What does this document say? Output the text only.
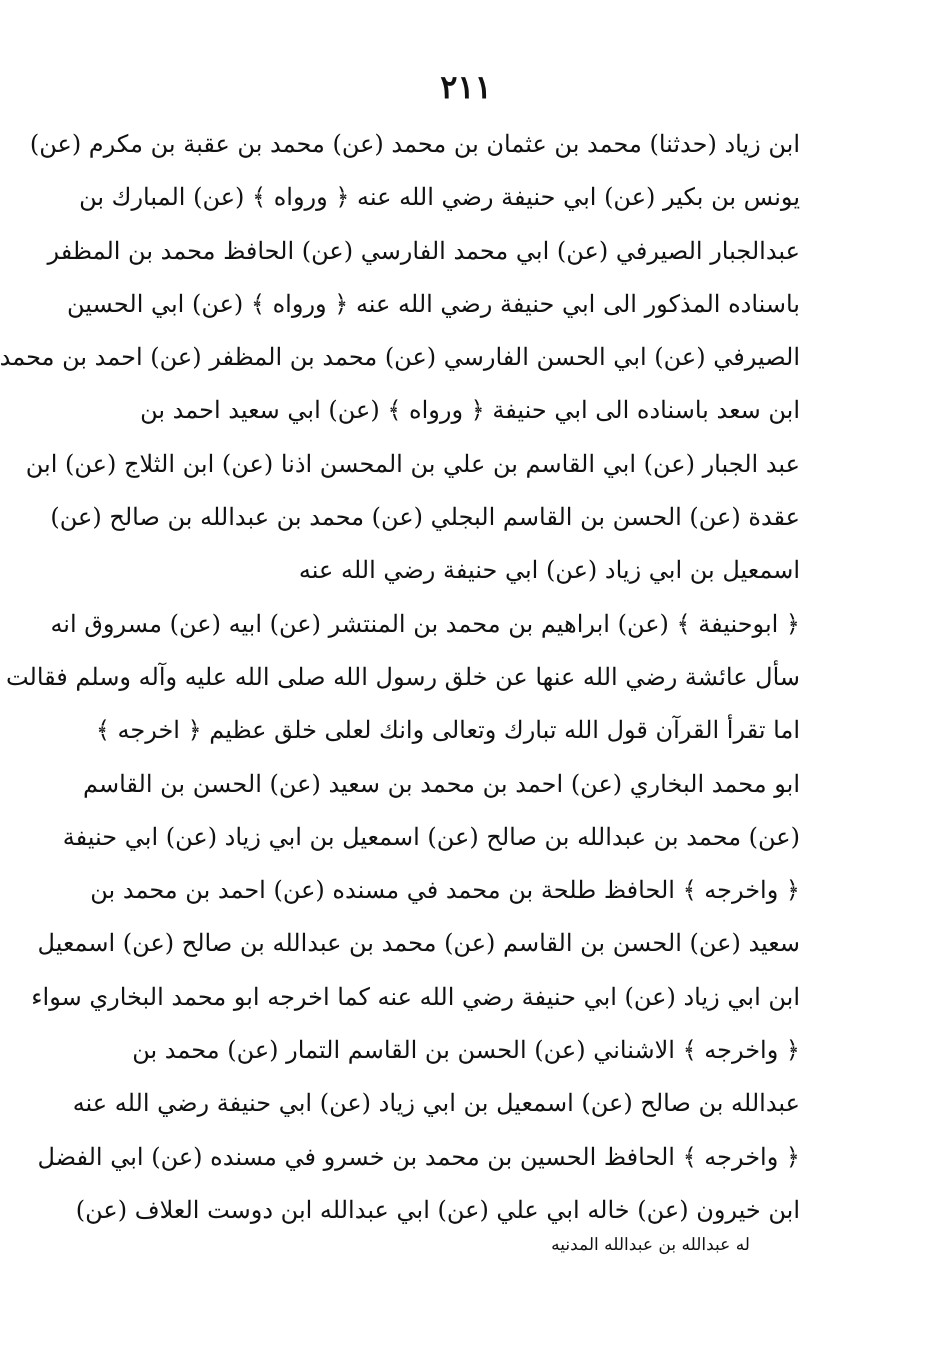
٢١١
ابن زياد (حدثنا) محمد بن عثمان بن محمد (عن) محمد بن عقبة بن مكرم (عن)
يونس بن بكير (عن) ابي حنيفة رضي الله عنه ﴿ ورواه ﴾ (عن) المبارك بن
عبدالجبار الصيرفي (عن) ابي محمد الفارسي (عن) الحافظ محمد بن المظفر
باسناده المذكور الى ابي حنيفة رضي الله عنه ﴿ ورواه ﴾ (عن) ابي الحسين
الصيرفي (عن) ابي الحسن الفارسي (عن) محمد بن المظفر (عن) احمد بن محمد
ابن سعد باسناده الى ابي حنيفة ﴿ ورواه ﴾ (عن) ابي سعيد احمد بن
عبد الجبار (عن) ابي القاسم بن علي بن المحسن اذنا (عن) ابن الثلاج (عن) ابن
عقدة (عن) الحسن بن القاسم البجلي (عن) محمد بن عبدالله بن صالح (عن)
اسمعيل بن ابي زياد (عن) ابي حنيفة رضي الله عنه
﴿ ابوحنيفة ﴾ (عن) ابراهيم بن محمد بن المنتشر (عن) ابيه (عن) مسروق انه
سأل عائشة رضي الله عنها عن خلق رسول الله صلى الله عليه وآله وسلم فقالت
اما تقرأ القرآن قول الله تبارك وتعالى وانك لعلى خلق عظيم ﴿ اخرجه ﴾
ابو محمد البخاري (عن) احمد بن محمد بن سعيد (عن) الحسن بن القاسم
(عن) محمد بن عبدالله بن صالح (عن) اسمعيل بن ابي زياد (عن) ابي حنيفة
﴿ واخرجه ﴾ الحافظ طلحة بن محمد في مسنده (عن) احمد بن محمد بن
سعيد (عن) الحسن بن القاسم (عن) محمد بن عبدالله بن صالح (عن) اسمعيل
ابن ابي زياد (عن) ابي حنيفة رضي الله عنه كما اخرجه ابو محمد البخاري سواء
﴿ واخرجه ﴾ الاشناني (عن) الحسن بن القاسم التمار (عن) محمد بن
عبدالله بن صالح (عن) اسمعيل بن ابي زياد (عن) ابي حنيفة رضي الله عنه
﴿ واخرجه ﴾ الحافظ الحسين بن محمد بن خسرو في مسنده (عن) ابي الفضل
ابن خيرون (عن) خاله ابي علي (عن) ابي عبدالله ابن دوست العلاف (عن)
له عبدالله بن عبدالله المدنيه
